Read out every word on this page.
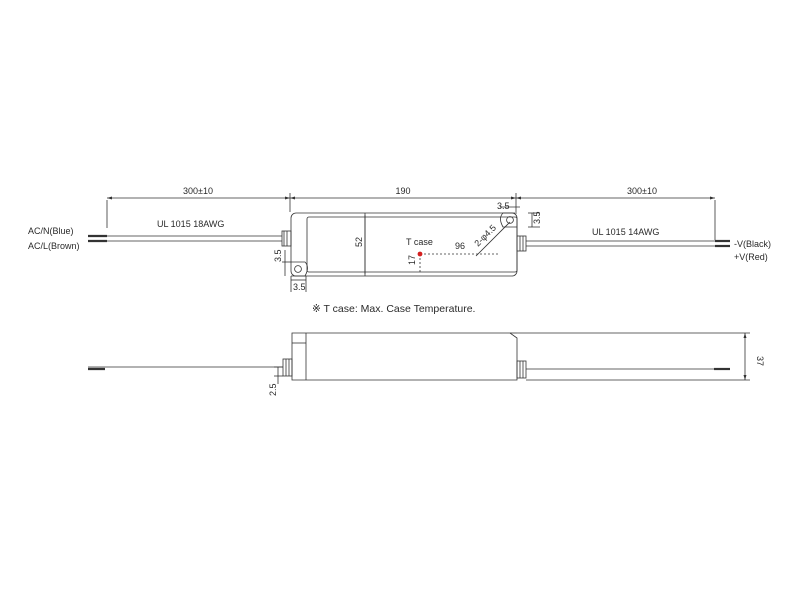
300±10	190	300±10
UL 1015 18AWG
UL 1015 14AWG
AC/N(Blue)
AC/L(Brown)	-V(Black)
+V(Red)
3.5
3.5
3.5
3.5
52	T case 96
17
2-φ4.5
※ T case: Max. Case Temperature.
37
2.5
